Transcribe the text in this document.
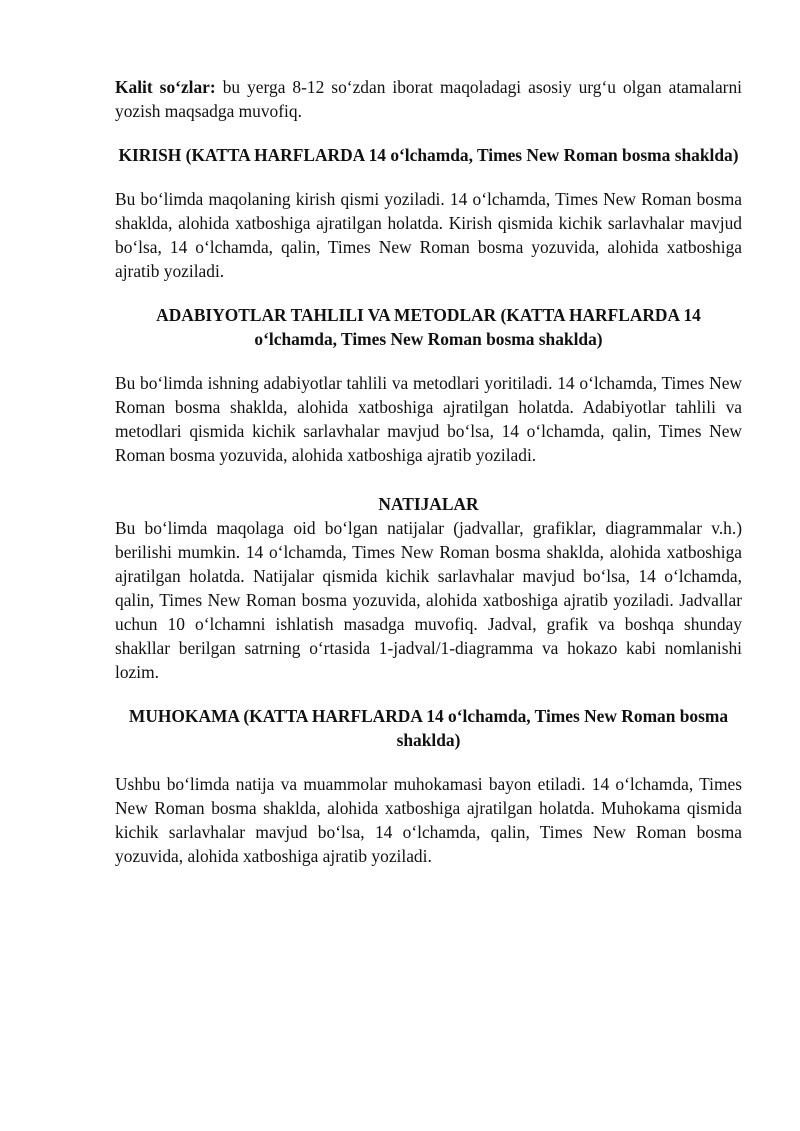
Kalit so‘zlar: bu yerga 8-12 so‘zdan iborat maqoladagi asosiy urg‘u olgan atamalarni yozish maqsadga muvofiq.

KIRISH (KATTA HARFLARDA 14 o‘lchamda, Times New Roman bosma shaklda)

Bu bo‘limda maqolaning kirish qismi yoziladi. 14 o‘lchamda, Times New Roman bosma shaklda, alohida xatboshiga ajratilgan holatda. Kirish qismida kichik sarlavhalar mavjud bo‘lsa, 14 o‘lchamda, qalin, Times New Roman bosma yozuvida, alohida xatboshiga ajratib yoziladi.

ADABIYOTLAR TAHLILI VA METODLAR (KATTA HARFLARDA 14 o‘lchamda, Times New Roman bosma shaklda)

Bu bo‘limda ishning adabiyotlar tahlili va metodlari yoritiladi. 14 o‘lchamda, Times New Roman bosma shaklda, alohida xatboshiga ajratilgan holatda. Adabiyotlar tahlili va metodlari qismida kichik sarlavhalar mavjud bo‘lsa, 14 o‘lchamda, qalin, Times New Roman bosma yozuvida, alohida xatboshiga ajratib yoziladi.

NATIJALAR

Bu bo‘limda maqolaga oid bo‘lgan natijalar (jadvallar, grafiklar, diagrammalar v.h.) berilishi mumkin. 14 o‘lchamda, Times New Roman bosma shaklda, alohida xatboshiga ajratilgan holatda. Natijalar qismida kichik sarlavhalar mavjud bo‘lsa, 14 o‘lchamda, qalin, Times New Roman bosma yozuvida, alohida xatboshiga ajratib yoziladi. Jadvallar uchun 10 o‘lchamni ishlatish masadga muvofiq. Jadval, grafik va boshqa shunday shakllar berilgan satrning o‘rtasida 1-jadval/1-diagramma va hokazo kabi nomlanishi lozim.

MUHOKAMA (KATTA HARFLARDA 14 o‘lchamda, Times New Roman bosma shaklda)

Ushbu bo‘limda natija va muammolar muhokamasi bayon etiladi. 14 o‘lchamda, Times New Roman bosma shaklda, alohida xatboshiga ajratilgan holatda. Muhokama qismida kichik sarlavhalar mavjud bo‘lsa, 14 o‘lchamda, qalin, Times New Roman bosma yozuvida, alohida xatboshiga ajratib yoziladi.
